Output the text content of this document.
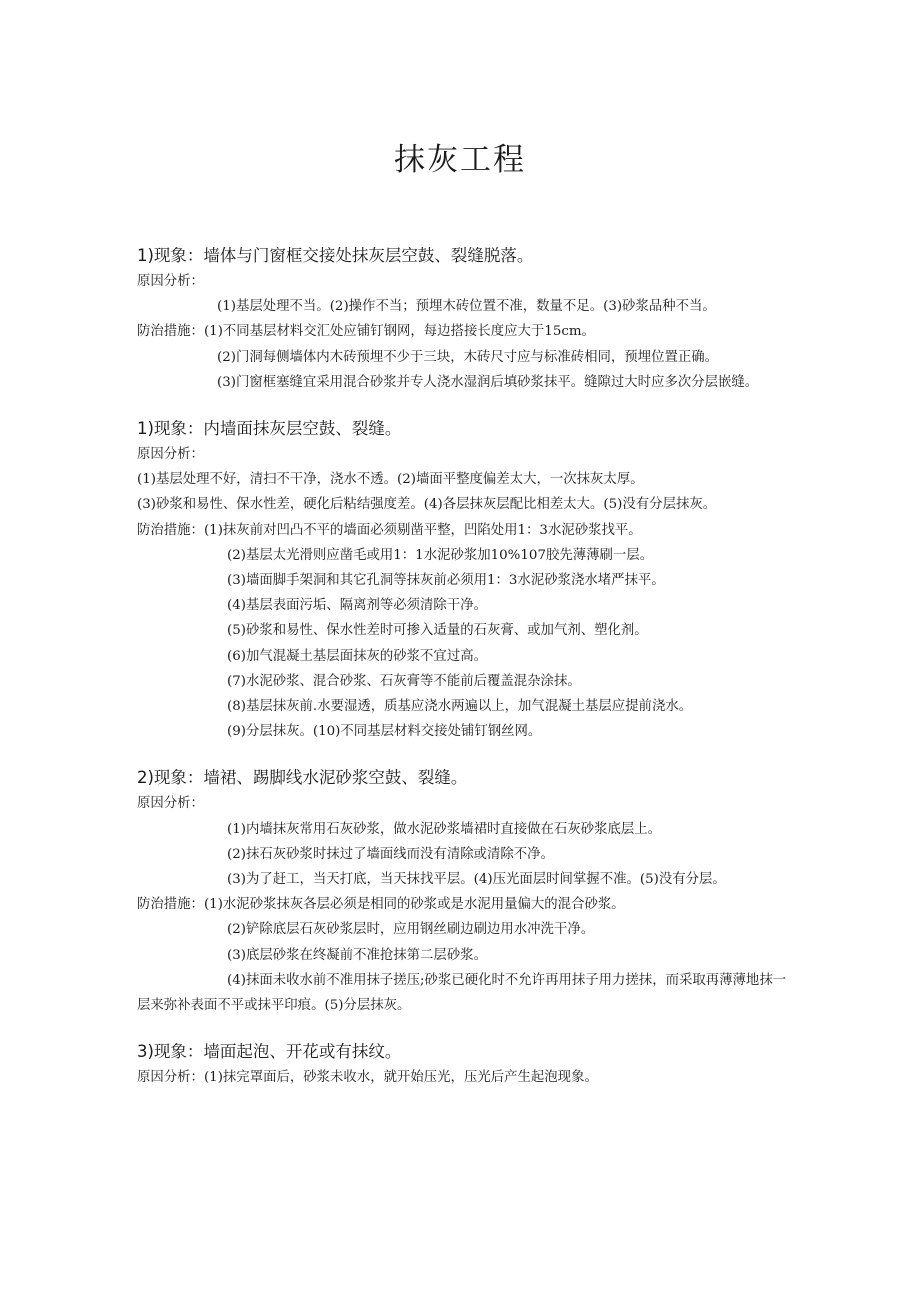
抹灰工程

1)现象：墙体与门窗框交接处抹灰层空鼓、裂缝脱落。

原因分析：

(1)基层处理不当。(2)操作不当；预埋木砖位置不准，数量不足。(3)砂浆品种不当。

防治措施：(1)不同基层材料交汇处应铺钉钢网，每边搭接长度应大于15cm。

(2)门洞每侧墙体内木砖预埋不少于三块，木砖尺寸应与标准砖相同，预埋位置正确。

(3)门窗框塞缝宜采用混合砂浆并专人浇水湿润后填砂浆抹平。缝隙过大时应多次分层嵌缝。

1)现象：内墙面抹灰层空鼓、裂缝。

原因分析：

(1)基层处理不好，清扫不干净，浇水不透。(2)墙面平整度偏差太大，一次抹灰太厚。

(3)砂浆和易性、保水性差，硬化后粘结强度差。(4)各层抹灰层配比相差太大。(5)没有分层抹灰。

防治措施：(1)抹灰前对凹凸不平的墙面必须剔凿平整，凹陷处用1：3水泥砂浆找平。

(2)基层太光滑则应凿毛或用1：1水泥砂浆加10%107胶先薄薄刷一层。

(3)墙面脚手架洞和其它孔洞等抹灰前必须用1：3水泥砂浆浇水堵严抹平。

(4)基层表面污垢、隔离剂等必须清除干净。

(5)砂浆和易性、保水性差时可掺入适量的石灰膏、或加气剂、塑化剂。

(6)加气混凝土基层面抹灰的砂浆不宜过高。

(7)水泥砂浆、混合砂浆、石灰膏等不能前后覆盖混杂涂抹。

(8)基层抹灰前.水要湿透，质基应浇水两遍以上，加气混凝土基层应提前浇水。

(9)分层抹灰。(10)不同基层材料交接处铺钉钢丝网。

2)现象：墙裙、踢脚线水泥砂浆空鼓、裂缝。

原因分析：

(1)内墙抹灰常用石灰砂浆，做水泥砂浆墙裙时直接做在石灰砂浆底层上。

(2)抹石灰砂浆时抹过了墙面线而没有清除或清除不净。

(3)为了赶工，当天打底，当天抹找平层。(4)压光面层时间掌握不准。(5)没有分层。

防治措施：(1)水泥砂浆抹灰各层必须是相同的砂浆或是水泥用量偏大的混合砂浆。

(2)铲除底层石灰砂浆层时，应用钢丝刷边刷边用水冲洗干净。

(3)底层砂浆在终凝前不准抢抹第二层砂浆。

(4)抹面未收水前不准用抹子搓压;砂浆已硬化时不允许再用抹子用力搓抹，而采取再薄薄地抹一层来弥补表面不平或抹平印痕。(5)分层抹灰。

3)现象：墙面起泡、开花或有抹纹。

原因分析：(1)抹完罩面后，砂浆未收水，就开始压光，压光后产生起泡现象。
